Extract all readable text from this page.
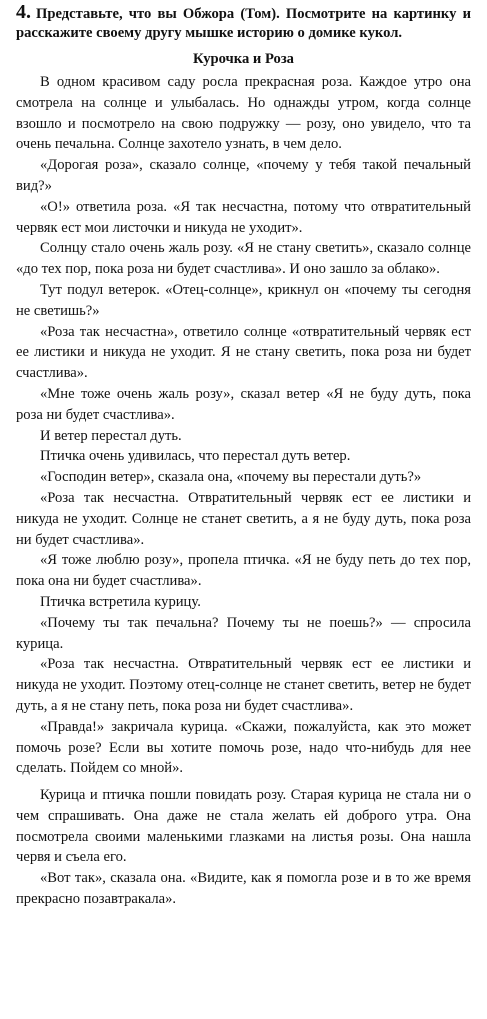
4. Представьте, что вы Обжора (Том). Посмотрите на картинку и расскажите своему другу мышке историю о домике кукол.
Курочка и Роза

В одном красивом саду росла прекрасная роза. Каждое утро она смотрела на солнце и улыбалась. Но однажды утром, когда солнце взошло и посмотрело на свою подружку — розу, оно увидело, что та очень печальна. Солнце захотело узнать, в чем дело.

«Дорогая роза», сказало солнце, «почему у тебя такой печальный вид?»

«О!» ответила роза. «Я так несчастна, потому что отвратительный червяк ест мои листочки и никуда не уходит».

Солнцу стало очень жаль розу. «Я не стану светить», сказало солнце «до тех пор, пока роза ни будет счастлива». И оно зашло за облако».

Тут подул ветерок. «Отец-солнце», крикнул он «почему ты сегодня не светишь?»

«Роза так несчастна», ответило солнце «отвратительный червяк ест ее листики и никуда не уходит. Я не стану светить, пока роза ни будет счастлива».

«Мне тоже очень жаль розу», сказал ветер «Я не буду дуть, пока роза ни будет счастлива».

И ветер перестал дуть.

Птичка очень удивилась, что перестал дуть ветер.

«Господин ветер», сказала она, «почему вы перестали дуть?»

«Роза так несчастна. Отвратительный червяк ест ее листики и никуда не уходит. Солнце не станет светить, а я не буду дуть, пока роза ни будет счастлива».

«Я тоже люблю розу», пропела птичка. «Я не буду петь до тех пор, пока она ни будет счастлива».

Птичка встретила курицу.

«Почему ты так печальна? Почему ты не поешь?» — спросила курица.

«Роза так несчастна. Отвратительный червяк ест ее листики и никуда не уходит. Поэтому отец-солнце не станет светить, ветер не будет дуть, а я не стану петь, пока роза ни будет счастлива».

«Правда!» закричала курица. «Скажи, пожалуйста, как это может помочь розе? Если вы хотите помочь розе, надо что-нибудь для нее сделать. Пойдем со мной».

Курица и птичка пошли повидать розу. Старая курица не стала ни о чем спрашивать. Она даже не стала желать ей доброго утра. Она посмотрела своими маленькими глазками на листья розы. Она нашла червя и съела его.

«Вот так», сказала она. «Видите, как я помогла розе и в то же время прекрасно позавтракала».
